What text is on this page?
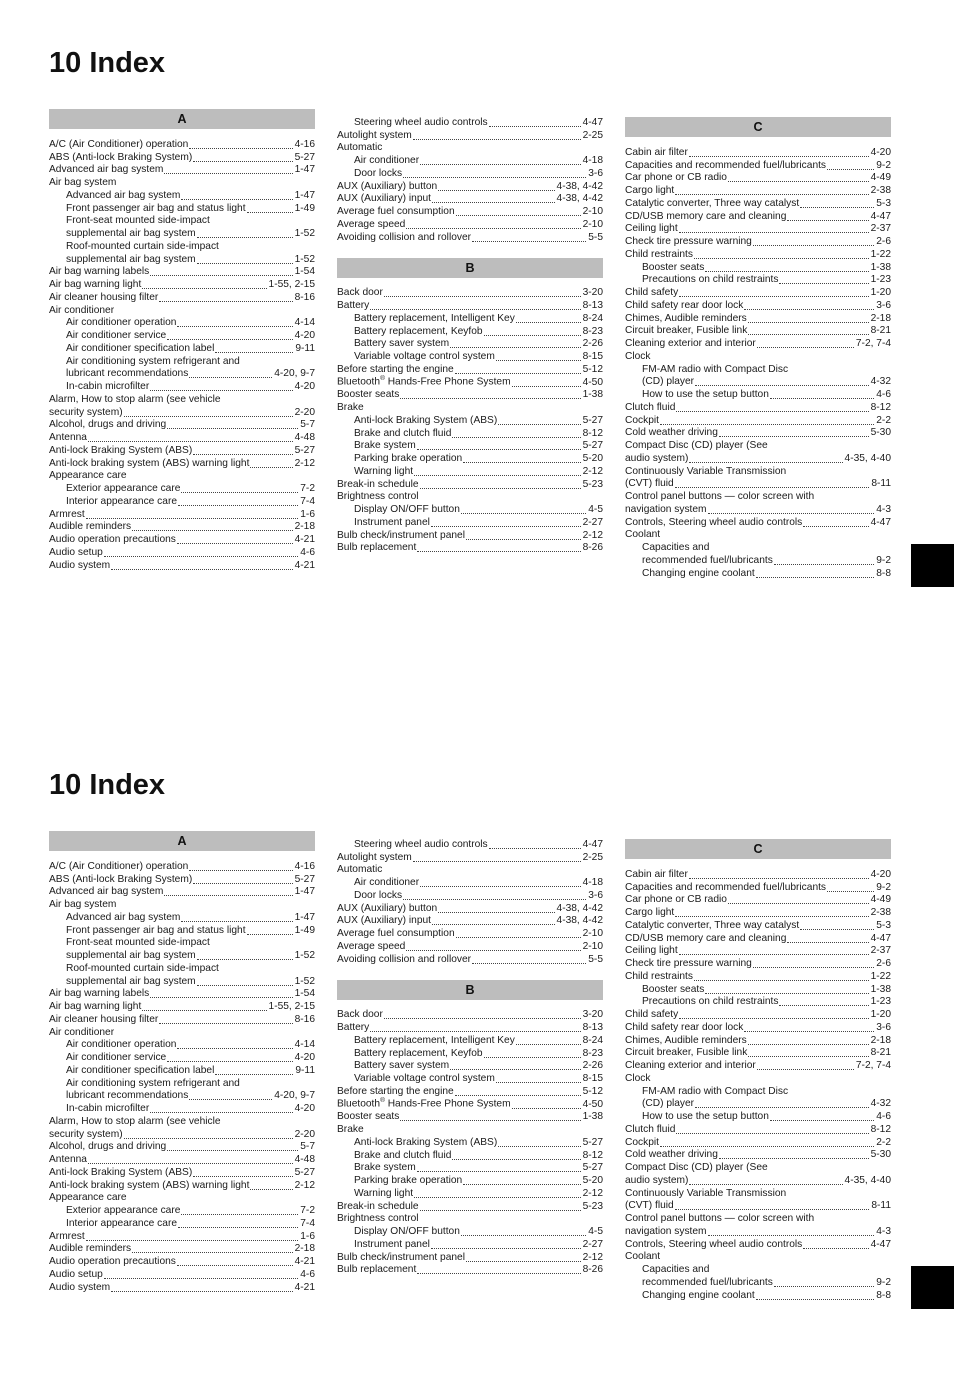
10 Index
A
A/C (Air Conditioner) operation	4-16
ABS (Anti-lock Braking System)	5-27
Advanced air bag system	1-47
Air bag system
Advanced air bag system	1-47
Front passenger air bag and status light	1-49
Front-seat mounted side-impact
supplemental air bag system	1-52
Roof-mounted curtain side-impact
supplemental air bag system	1-52
Air bag warning labels	1-54
Air bag warning light	1-55, 2-15
Air cleaner housing filter	8-16
Air conditioner
Air conditioner operation	4-14
Air conditioner service	4-20
Air conditioner specification label	9-11
Air conditioning system refrigerant and
lubricant recommendations	4-20, 9-7
In-cabin microfilter	4-20
Alarm, How to stop alarm (see vehicle
security system)	2-20
Alcohol, drugs and driving	5-7
Antenna	4-48
Anti-lock Braking System (ABS)	5-27
Anti-lock braking system (ABS) warning light	2-12
Appearance care
Exterior appearance care	7-2
Interior appearance care	7-4
Armrest	1-6
Audible reminders	2-18
Audio operation precautions	4-21
Audio setup	4-6
Audio system	4-21
Steering wheel audio controls	4-47
Autolight system	2-25
Automatic
Air conditioner	4-18
Door locks	3-6
AUX (Auxiliary) button	4-38, 4-42
AUX (Auxiliary) input	4-38, 4-42
Average fuel consumption	2-10
Average speed	2-10
Avoiding collision and rollover	5-5
B
Back door	3-20
Battery	8-13
Battery replacement, Intelligent Key	8-24
Battery replacement, Keyfob	8-23
Battery saver system	2-26
Variable voltage control system	8-15
Before starting the engine	5-12
Bluetooth® Hands-Free Phone System	4-50
Booster seats	1-38
Brake
Anti-lock Braking System (ABS)	5-27
Brake and clutch fluid	8-12
Brake system	5-27
Parking brake operation	5-20
Warning light	2-12
Break-in schedule	5-23
Brightness control
Display ON/OFF button	4-5
Instrument panel	2-27
Bulb check/instrument panel	2-12
Bulb replacement	8-26
C
Cabin air filter	4-20
Capacities and recommended fuel/lubricants	9-2
Car phone or CB radio	4-49
Cargo light	2-38
Catalytic converter, Three way catalyst	5-3
CD/USB memory care and cleaning	4-47
Ceiling light	2-37
Check tire pressure warning	2-6
Child restraints	1-22
Booster seats	1-38
Precautions on child restraints	1-23
Child safety	1-20
Child safety rear door lock	3-6
Chimes, Audible reminders	2-18
Circuit breaker, Fusible link	8-21
Cleaning exterior and interior	7-2, 7-4
Clock
FM-AM radio with Compact Disc
(CD) player	4-32
How to use the setup button	4-6
Clutch fluid	8-12
Cockpit	2-2
Cold weather driving	5-30
Compact Disc (CD) player (See
audio system)	4-35, 4-40
Continuously Variable Transmission
(CVT) fluid	8-11
Control panel buttons — color screen with
navigation system	4-3
Controls, Steering wheel audio controls	4-47
Coolant
Capacities and
recommended fuel/lubricants	9-2
Changing engine coolant	8-8
10 Index
A
A/C (Air Conditioner) operation	4-16
ABS (Anti-lock Braking System)	5-27
Advanced air bag system	1-47
Air bag system
Advanced air bag system	1-47
Front passenger air bag and status light	1-49
Front-seat mounted side-impact
supplemental air bag system	1-52
Roof-mounted curtain side-impact
supplemental air bag system	1-52
Air bag warning labels	1-54
Air bag warning light	1-55, 2-15
Air cleaner housing filter	8-16
Air conditioner
Air conditioner operation	4-14
Air conditioner service	4-20
Air conditioner specification label	9-11
Air conditioning system refrigerant and
lubricant recommendations	4-20, 9-7
In-cabin microfilter	4-20
Alarm, How to stop alarm (see vehicle
security system)	2-20
Alcohol, drugs and driving	5-7
Antenna	4-48
Anti-lock Braking System (ABS)	5-27
Anti-lock braking system (ABS) warning light	2-12
Appearance care
Exterior appearance care	7-2
Interior appearance care	7-4
Armrest	1-6
Audible reminders	2-18
Audio operation precautions	4-21
Audio setup	4-6
Audio system	4-21
Steering wheel audio controls	4-47
Autolight system	2-25
Automatic
Air conditioner	4-18
Door locks	3-6
AUX (Auxiliary) button	4-38, 4-42
AUX (Auxiliary) input	4-38, 4-42
Average fuel consumption	2-10
Average speed	2-10
Avoiding collision and rollover	5-5
B
Back door	3-20
Battery	8-13
Battery replacement, Intelligent Key	8-24
Battery replacement, Keyfob	8-23
Battery saver system	2-26
Variable voltage control system	8-15
Before starting the engine	5-12
Bluetooth® Hands-Free Phone System	4-50
Booster seats	1-38
Brake
Anti-lock Braking System (ABS)	5-27
Brake and clutch fluid	8-12
Brake system	5-27
Parking brake operation	5-20
Warning light	2-12
Break-in schedule	5-23
Brightness control
Display ON/OFF button	4-5
Instrument panel	2-27
Bulb check/instrument panel	2-12
Bulb replacement	8-26
C
Cabin air filter	4-20
Capacities and recommended fuel/lubricants	9-2
Car phone or CB radio	4-49
Cargo light	2-38
Catalytic converter, Three way catalyst	5-3
CD/USB memory care and cleaning	4-47
Ceiling light	2-37
Check tire pressure warning	2-6
Child restraints	1-22
Booster seats	1-38
Precautions on child restraints	1-23
Child safety	1-20
Child safety rear door lock	3-6
Chimes, Audible reminders	2-18
Circuit breaker, Fusible link	8-21
Cleaning exterior and interior	7-2, 7-4
Clock
FM-AM radio with Compact Disc
(CD) player	4-32
How to use the setup button	4-6
Clutch fluid	8-12
Cockpit	2-2
Cold weather driving	5-30
Compact Disc (CD) player (See
audio system)	4-35, 4-40
Continuously Variable Transmission
(CVT) fluid	8-11
Control panel buttons — color screen with
navigation system	4-3
Controls, Steering wheel audio controls	4-47
Coolant
Capacities and
recommended fuel/lubricants	9-2
Changing engine coolant	8-8
